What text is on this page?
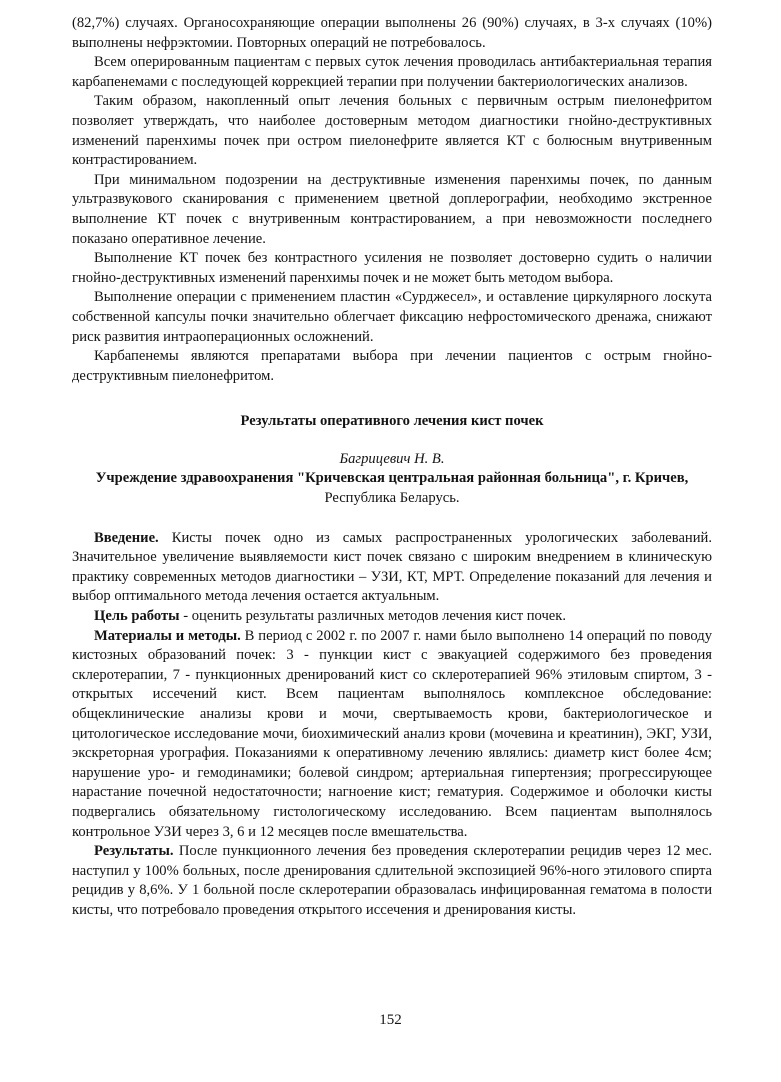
(82,7%) случаях. Органосохраняющие операции выполнены 26 (90%) случаях, в 3-х случаях (10%) выполнены нефрэктомии. Повторных операций не потребовалось.

Всем оперированным пациентам с первых суток лечения проводилась антибактериальная терапия карбапенемами с последующей коррекцией терапии при получении бактериологических анализов.

Таким образом, накопленный опыт лечения больных с первичным острым пиелонефритом позволяет утверждать, что наиболее достоверным методом диагностики гнойно-деструктивных изменений паренхимы почек при остром пиелонефрите является КТ с болюсным внутривенным контрастированием.

При минимальном подозрении на деструктивные изменения паренхимы почек, по данным ультразвукового сканирования с применением цветной доплерографии, необходимо экстренное выполнение КТ почек с внутривенным контрастированием, а при невозможности последнего показано оперативное лечение.

Выполнение КТ почек без контрастного усиления не позволяет достоверно судить о наличии гнойно-деструктивных изменений паренхимы почек и не может быть методом выбора.

Выполнение операции с применением пластин «Сурджесел», и оставление циркулярного лоскута собственной капсулы почки значительно облегчает фиксацию нефростомического дренажа, снижают риск развития интраоперационных осложнений.

Карбапенемы являются препаратами выбора при лечении пациентов с острым гнойно-деструктивным пиелонефритом.

Результаты оперативного лечения кист почек

Багрицевич Н. В.

Учреждение здравоохранения "Кричевская центральная районная больница", г. Кричев,

Республика Беларусь.

Введение. Кисты почек одно из самых распространенных урологических заболеваний. Значительное увеличение выявляемости кист почек связано с широким внедрением в клиническую практику современных методов диагностики – УЗИ, КТ, МРТ. Определение показаний для лечения и выбор оптимального метода лечения остается актуальным.

Цель работы - оценить результаты различных методов лечения кист почек.

Материалы и методы. В период с 2002 г. по 2007 г. нами было выполнено 14 операций по поводу кистозных образований почек: 3 - пункции кист с эвакуацией содержимого без проведения склеротерапии, 7 - пункционных дренирований кист со склеротерапией 96% этиловым спиртом, 3 - открытых иссечений кист. Всем пациентам выполнялось комплексное обследование: общеклинические анализы крови и мочи, свертываемость крови, бактериологическое и цитологическое исследование мочи, биохимический анализ крови (мочевина и креатинин), ЭКГ, УЗИ, экскреторная урография. Показаниями к оперативному лечению являлись: диаметр кист более 4см; нарушение уро- и гемодинамики; болевой синдром; артериальная гипертензия; прогрессирующее нарастание почечной недостаточности; нагноение кист; гематурия. Содержимое и оболочки кисты подвергались обязательному гистологическому исследованию. Всем пациентам выполнялось контрольное УЗИ через 3, 6 и 12 месяцев после вмешательства.

Результаты. После пункционного лечения без проведения склеротерапии рецидив через 12 мес. наступил у 100% больных, после дренирования сдлительной экспозицией 96%-ного этилового спирта рецидив у 8,6%. У 1 больной после склеротерапии образовалась инфицированная гематома в полости кисты, что потребовало проведения открытого иссечения и дренирования кисты.

152
